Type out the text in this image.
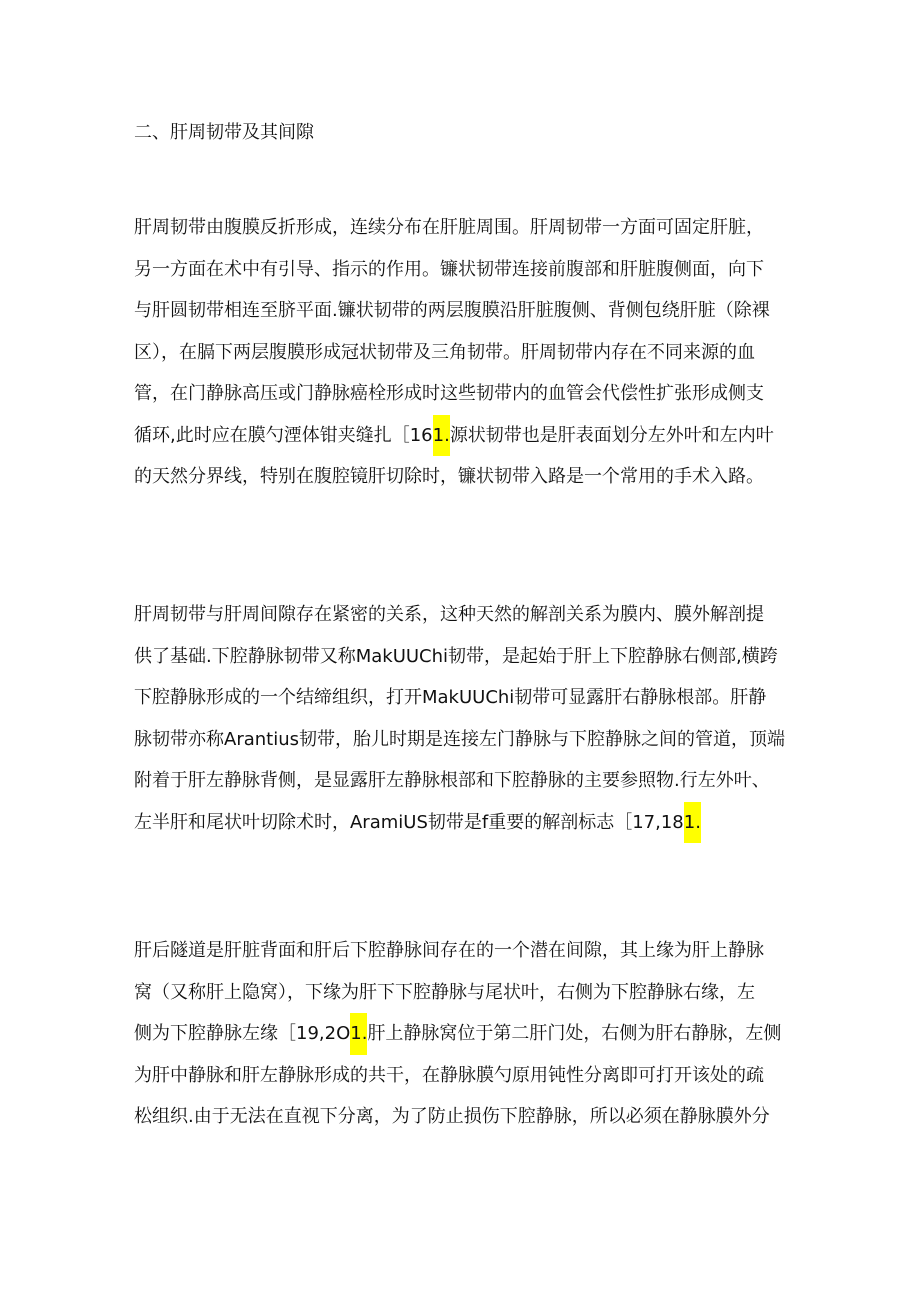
二、肝周韧带及其间隙
肝周韧带由腹膜反折形成，连续分布在肝脏周围。肝周韧带一方面可固定肝脏，
另一方面在术中有引导、指示的作用。镰状韧带连接前腹部和肝脏腹侧面，向下
与肝圆韧带相连至脐平面.镰状韧带的两层腹膜沿肝脏腹侧、背侧包绕肝脏（除裸
区），在膈下两层腹膜形成冠状韧带及三角韧带。肝周韧带内存在不同来源的血
管，在门静脉高压或门静脉癌栓形成时这些韧带内的血管会代偿性扩张形成侧支
循环,此时应在膜勺湮体钳夹缝扎［161.源状韧带也是肝表面划分左外叶和左内叶
的天然分界线，特别在腹腔镜肝切除时，镰状韧带入路是一个常用的手术入路。
肝周韧带与肝周间隙存在紧密的关系，这种天然的解剖关系为膜内、膜外解剖提
供了基础.下腔静脉韧带又称MakUUChi韧带，是起始于肝上下腔静脉右侧部,横跨
下腔静脉形成的一个结缔组织，打开MakUUChi韧带可显露肝右静脉根部。肝静
脉韧带亦称Arantius韧带，胎儿时期是连接左门静脉与下腔静脉之间的管道，顶端
附着于肝左静脉背侧，是显露肝左静脉根部和下腔静脉的主要参照物.行左外叶、
左半肝和尾状叶切除术时，AramiUS韧带是f重要的解剖标志［17,181.
肝后隧道是肝脏背面和肝后下腔静脉间存在的一个潜在间隙，其上缘为肝上静脉
窝（又称肝上隐窝），下缘为肝下下腔静脉与尾状叶，右侧为下腔静脉右缘，左
侧为下腔静脉左缘［19,2O1.肝上静脉窝位于第二肝门处，右侧为肝右静脉，左侧
为肝中静脉和肝左静脉形成的共干，在静脉膜勺原用钝性分离即可打开该处的疏
松组织.由于无法在直视下分离，为了防止损伤下腔静脉，所以必须在静脉膜外分
